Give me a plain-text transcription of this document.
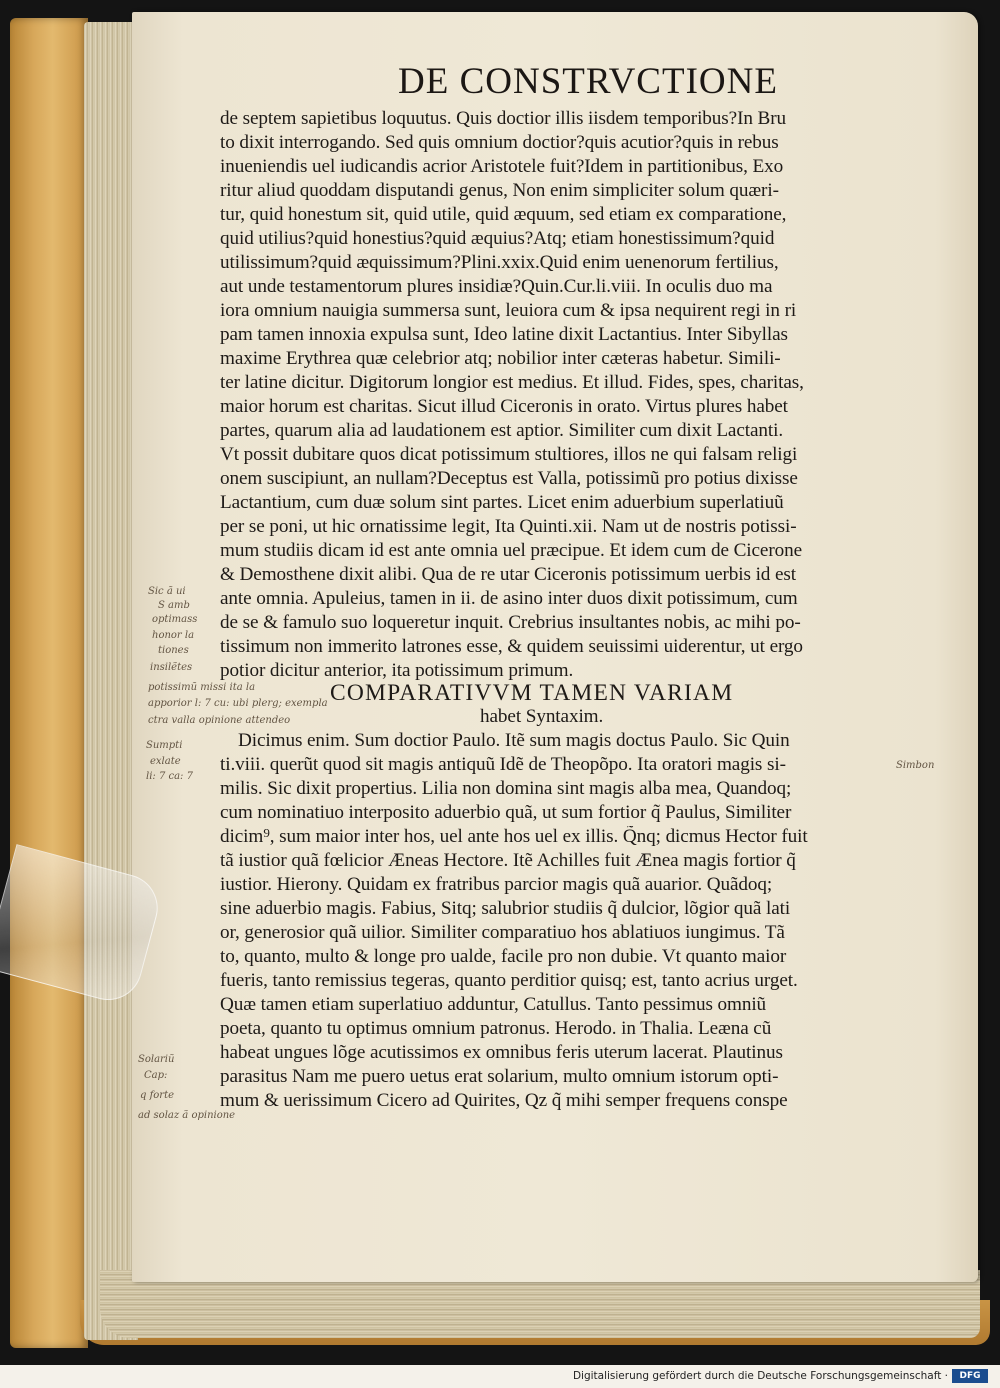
DE CONSTRVCTIONE
de septem sapietibus loquutus. Quis doctior illis iisdem temporibus?In Bru
to dixit interrogando. Sed quis omnium doctior?quis acutior?quis in rebus
inueniendis uel iudicandis acrior Aristotele fuit?Idem in partitionibus, Exo
ritur aliud quoddam disputandi genus, Non enim simpliciter solum quæri-
tur, quid honestum sit, quid utile, quid æquum, sed etiam ex comparatione,
quid utilius?quid honestius?quid æquius?Atq; etiam honestissimum?quid
utilissimum?quid æquissimum?Plini.xxix.Quid enim uenenorum fertilius,
aut unde testamentorum plures insidiæ?Quin.Cur.li.viii. In oculis duo ma
iora omnium nauigia summersa sunt, leuiora cum & ipsa nequirent regi in ri
pam tamen innoxia expulsa sunt, Ideo latine dixit Lactantius. Inter Sibyllas
maxime Erythrea quæ celebrior atq; nobilior inter cæteras habetur. Simili-
ter latine dicitur. Digitorum longior est medius. Et illud. Fides, spes, charitas,
maior horum est charitas. Sicut illud Ciceronis in orato. Virtus plures habet
partes, quarum alia ad laudationem est aptior. Similiter cum dixit Lactanti.
Vt possit dubitare quos dicat potissimum stultiores, illos ne qui falsam religi
onem suscipiunt, an nullam?Deceptus est Valla, potissimũ pro potius dixisse
Lactantium, cum duæ solum sint partes. Licet enim aduerbium superlatiuũ
per se poni, ut hic ornatissime legit, Ita Quinti.xii. Nam ut de nostris potissi-
mum studiis dicam id est ante omnia uel præcipue. Et idem cum de Cicerone
& Demosthene dixit alibi. Qua de re utar Ciceronis potissimum uerbis id est
ante omnia. Apuleius, tamen in ii. de asino inter duos dixit potissimum, cum
de se & famulo suo loqueretur inquit. Crebrius insultantes nobis, ac mihi po-
tissimum non immerito latrones esse, & quidem seuissimi uiderentur, ut ergo
potior dicitur anterior, ita potissimum primum.
COMPARATIVVM TAMEN VARIAM
habet Syntaxim.
Dicimus enim. Sum doctior Paulo. Itẽ sum magis doctus Paulo. Sic Quin
ti.viii. querũt quod sit magis antiquũ Idẽ de Theopõpo. Ita oratori magis si-
milis. Sic dixit propertius. Lilia non domina sint magis alba mea, Quandoq;
cum nominatiuo interposito aduerbio quã, ut sum fortior q̃ Paulus, Similiter
dicim⁹, sum maior inter hos, uel ante hos uel ex illis. Q̃nq; dicmus Hector fuit
tã iustior quã fœlicior Æneas Hectore. Itẽ Achilles fuit Ænea magis fortior q̃
iustior. Hierony. Quidam ex fratribus parcior magis quã auarior. Quãdoq;
sine aduerbio magis. Fabius, Sitq; salubrior studiis q̃ dulcior, lõgior quã lati
or, generosior quã uilior. Similiter comparatiuo hos ablatiuos iungimus. Tã
to, quanto, multo & longe pro ualde, facile pro non dubie. Vt quanto maior
fueris, tanto remissius tegeras, quanto perditior quisq; est, tanto acrius urget.
Quæ tamen etiam superlatiuo adduntur, Catullus. Tanto pessimus omniũ
poeta, quanto tu optimus omnium patronus. Herodo. in Thalia. Leæna cũ
habeat ungues lõge acutissimos ex omnibus feris uterum lacerat. Plautinus
parasitus Nam me puero uetus erat solarium, multo omnium istorum opti-
mum & uerissimum Cicero ad Quirites, Qz q̃ mihi semper frequens conspe
Sic ã ui
S amb
optimass
honor la
tiones
insilẽtes
potissimũ missi ita la
apporior l: 7 cu: ubi plerg; exempla
ctra valla opinione attendeo
Sumpti
exlate
li: 7 ca: 7
Simbon
Solariũ
Cap:
q forte
ad solaz ã opinione
Digitalisierung gefördert durch die Deutsche Forschungsgemeinschaft ·	DFG
